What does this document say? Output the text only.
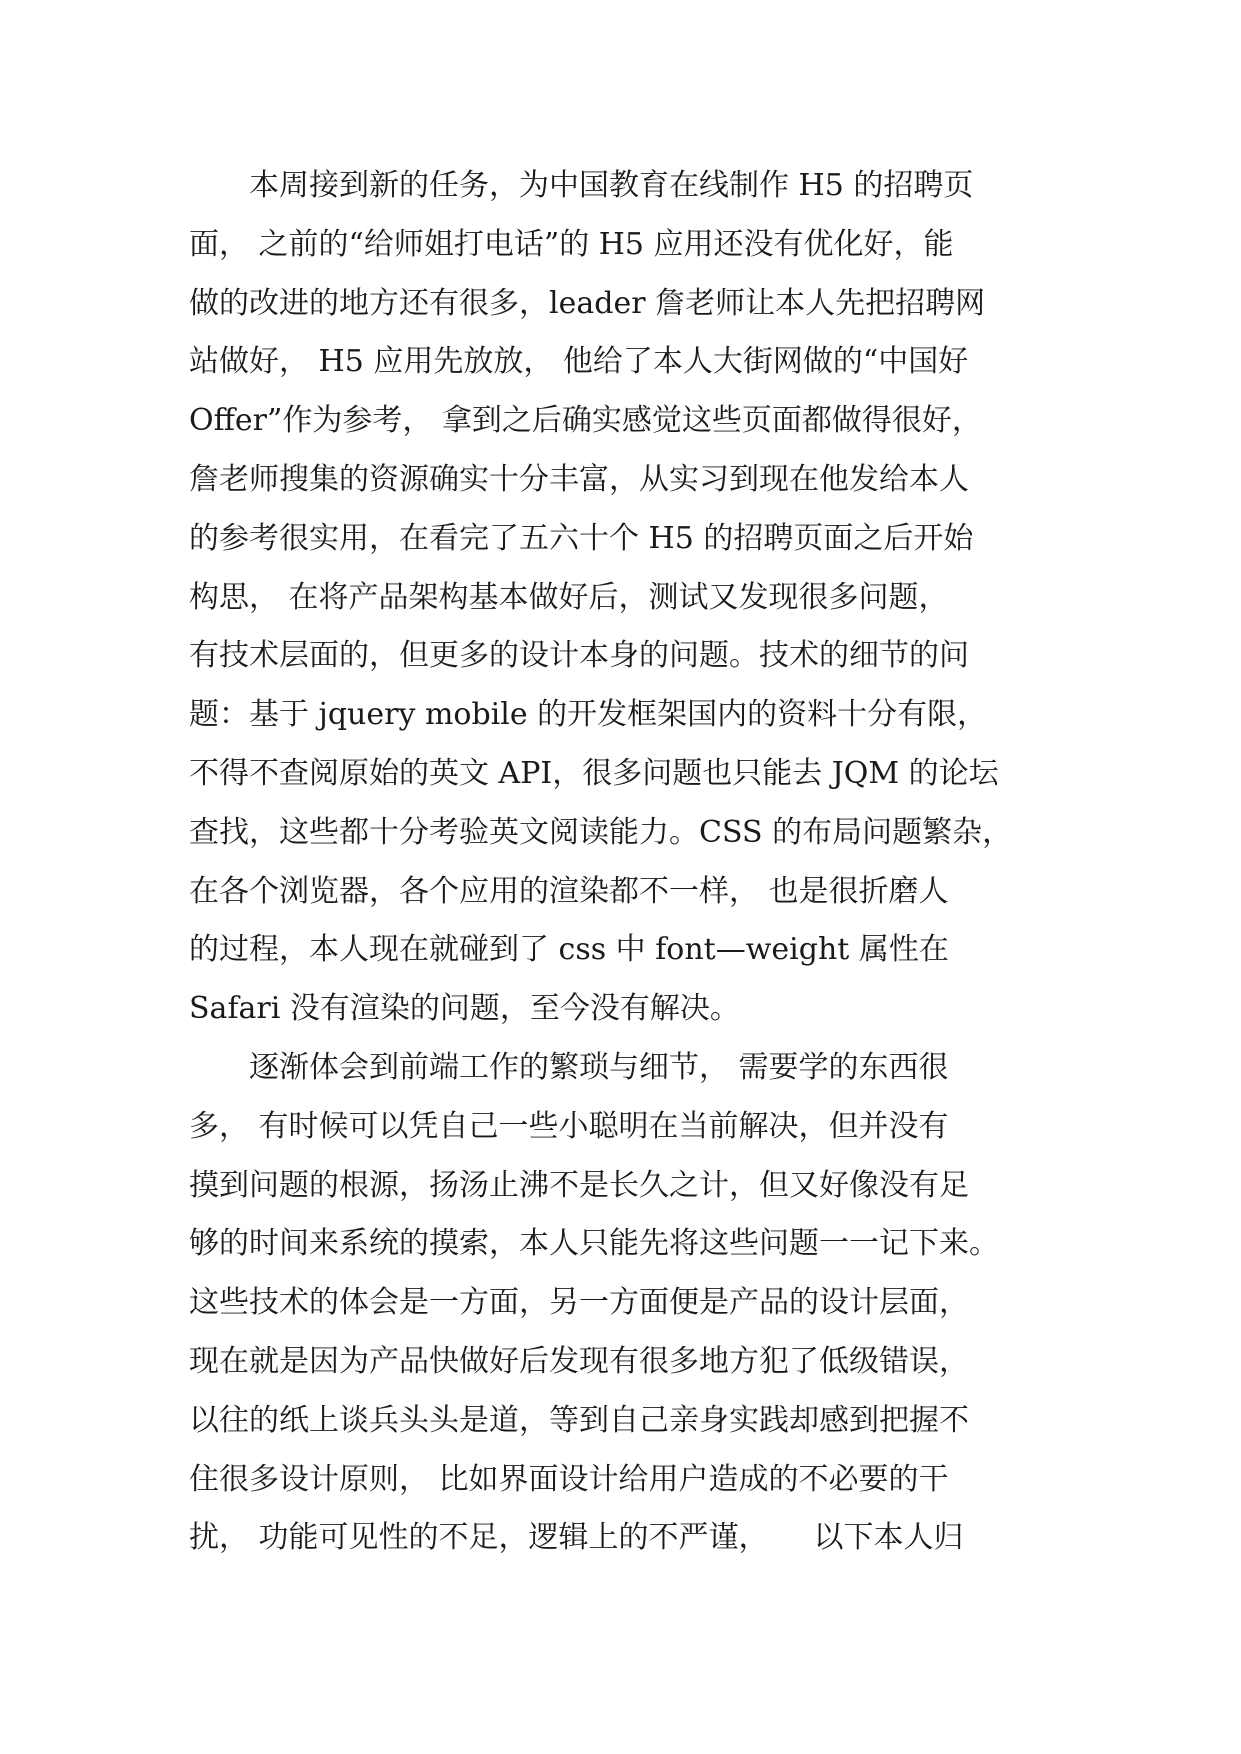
　　本周接到新的任务，为中国教育在线制作 H5 的招聘页
面， 之前的“给师姐打电话”的 H5 应用还没有优化好，能
做的改进的地方还有很多，leader 詹老师让本人先把招聘网
站做好， H5 应用先放放， 他给了本人大街网做的“中国好
Offer”作为参考， 拿到之后确实感觉这些页面都做得很好，
詹老师搜集的资源确实十分丰富，从实习到现在他发给本人
的参考很实用，在看完了五六十个 H5 的招聘页面之后开始
构思， 在将产品架构基本做好后，测试又发现很多问题，
有技术层面的，但更多的设计本身的问题。技术的细节的问
题：基于 jquery mobile 的开发框架国内的资料十分有限，
不得不查阅原始的英文 API，很多问题也只能去 JQM 的论坛
查找，这些都十分考验英文阅读能力。CSS 的布局问题繁杂，
在各个浏览器，各个应用的渲染都不一样， 也是很折磨人
的过程，本人现在就碰到了 css 中 font—weight 属性在
Safari 没有渲染的问题，至今没有解决。
　　逐渐体会到前端工作的繁琐与细节， 需要学的东西很
多， 有时候可以凭自己一些小聪明在当前解决，但并没有
摸到问题的根源，扬汤止沸不是长久之计，但又好像没有足
够的时间来系统的摸索，本人只能先将这些问题一一记下来。
这些技术的体会是一方面，另一方面便是产品的设计层面，
现在就是因为产品快做好后发现有很多地方犯了低级错误，
以往的纸上谈兵头头是道，等到自己亲身实践却感到把握不
住很多设计原则， 比如界面设计给用户造成的不必要的干
扰， 功能可见性的不足，逻辑上的不严谨，　　以下本人归
